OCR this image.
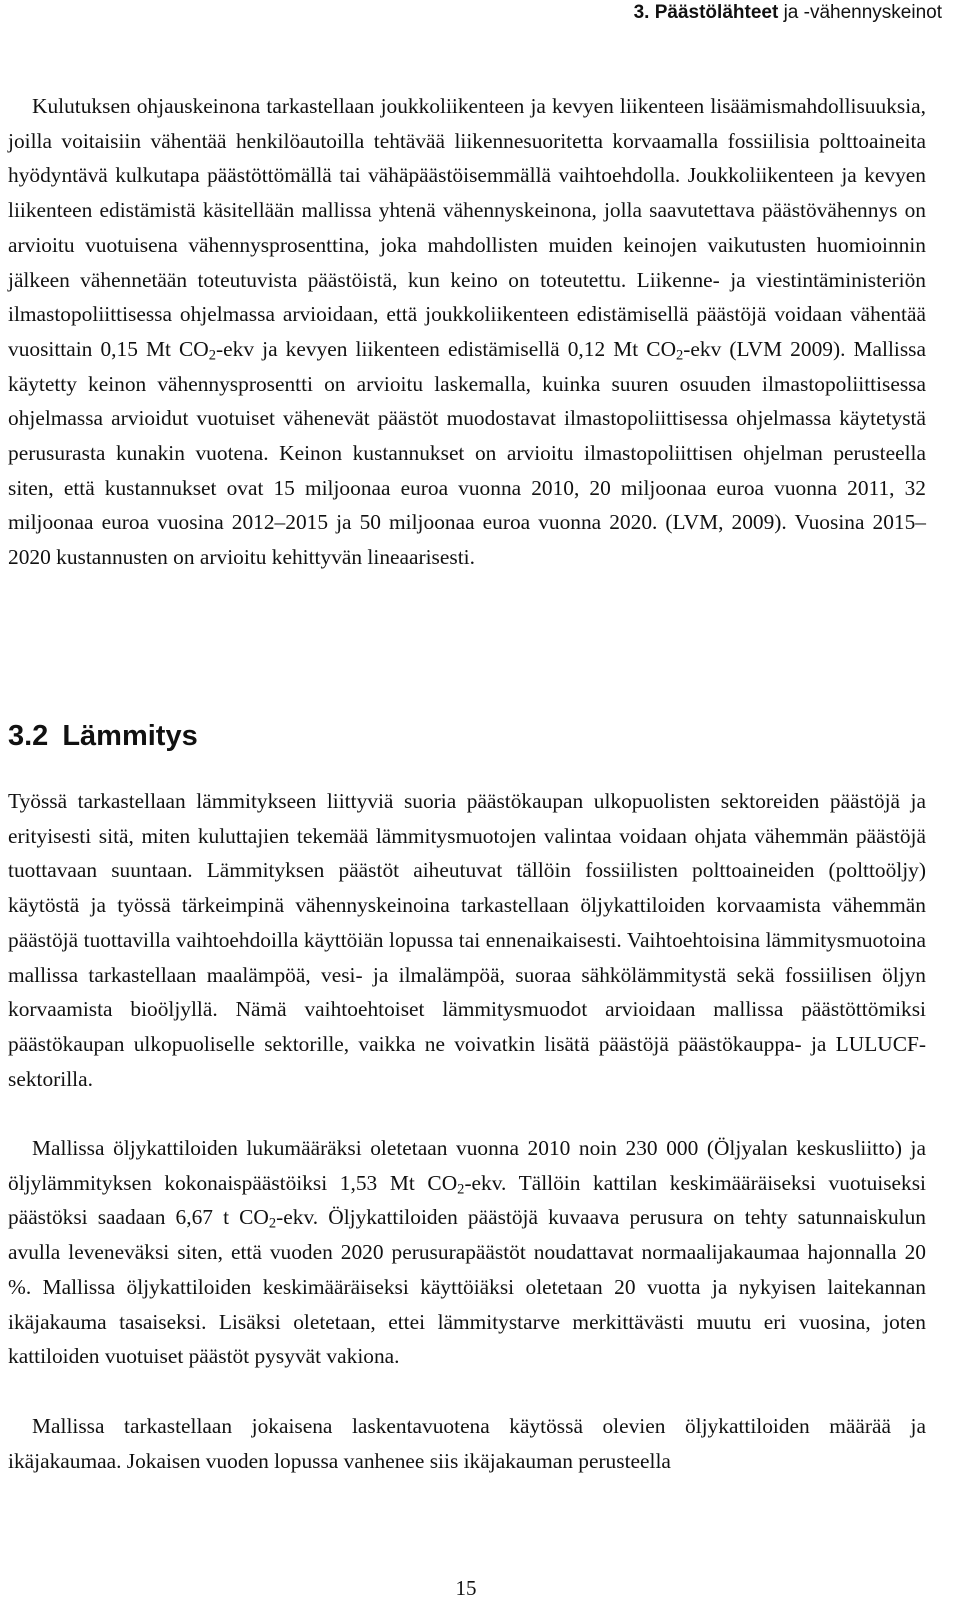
3. Päästölähteet ja -vähennyskeinot

Kulutuksen ohjauskeinona tarkastellaan joukkoliikenteen ja kevyen liikenteen lisäämismahdollisuuksia, joilla voitaisiin vähentää henkilöautoilla tehtävää liikennesuoritetta korvaamalla fossiilisia polttoaineita hyödyntävä kulkutapa päästöttömällä tai vähäpäästöisemmällä vaihtoehdolla. Joukkoliikenteen ja kevyen liikenteen edistämistä käsitellään mallissa yhtenä vähennyskeinona, jolla saavutettava päästövähennys on arvioitu vuotuisena vähennysprosenttina, joka mahdollisten muiden keinojen vaikutusten huomioinnin jälkeen vähennetään toteutuvista päästöistä, kun keino on toteutettu. Liikenne- ja viestintäministeriön ilmastopoliittisessa ohjelmassa arvioidaan, että joukkoliikenteen edistämisellä päästöjä voidaan vähentää vuosittain 0,15 Mt $CO_2$-ekv ja kevyen liikenteen edistämisellä 0,12 Mt $CO_2$-ekv (LVM 2009). Mallissa käytetty keinon vähennysprosentti on arvioitu laskemalla, kuinka suuren osuuden ilmastopoliittisessa ohjelmassa arvioidut vuotuiset vähenevät päästöt muodostavat ilmastopoliittisessa ohjelmassa käytetystä perusurasta kunakin vuotena. Keinon kustannukset on arvioitu ilmastopoliittisen ohjelman perusteella siten, että kustannukset ovat 15 miljoonaa euroa vuonna 2010, 20 miljoonaa euroa vuonna 2011, 32 miljoonaa euroa vuosina 2012–2015 ja 50 miljoonaa euroa vuonna 2020. (LVM, 2009). Vuosina 2015–2020 kustannusten on arvioitu kehittyvän lineaarisesti.

3.2 Lämmitys

Työssä tarkastellaan lämmitykseen liittyviä suoria päästökaupan ulkopuolisten sektoreiden päästöjä ja erityisesti sitä, miten kuluttajien tekemää lämmitysmuotojen valintaa voidaan ohjata vähemmän päästöjä tuottavaan suuntaan. Lämmityksen päästöt aiheutuvat tällöin fossiilisten polttoaineiden (polttoöljy) käytöstä ja työssä tärkeimpinä vähennyskeinoina tarkastellaan öljykattiloiden korvaamista vähemmän päästöjä tuottavilla vaihtoehdoilla käyttöiän lopussa tai ennenaikaisesti. Vaihtoehtoisina lämmitysmuotoina mallissa tarkastellaan maalämpöä, vesi- ja ilmalämpöä, suoraa sähkölämmitystä sekä fossiilisen öljyn korvaamista bioöljyllä. Nämä vaihtoehtoiset lämmitysmuodot arvioidaan mallissa päästöttömiksi päästökaupan ulkopuoliselle sektorille, vaikka ne voivatkin lisätä päästöjä päästökauppa- ja LULUCF-sektorilla.

Mallissa öljykattiloiden lukumääräksi oletetaan vuonna 2010 noin 230 000 (Öljyalan keskusliitto) ja öljylämmityksen kokonaispäästöiksi 1,53 Mt $CO_2$-ekv. Tällöin kattilan keskimääräiseksi vuotuiseksi päästöksi saadaan 6,67 t $CO_2$-ekv. Öljykattiloiden päästöjä kuvaava perusura on tehty satunnaiskulun avulla leveneväksi siten, että vuoden 2020 perusurapäästöt noudattavat normaalijakaumaa hajonnalla 20 %. Mallissa öljykattiloiden keskimääräiseksi käyttöiäksi oletetaan 20 vuotta ja nykyisen laitekannan ikäjakauma tasaiseksi. Lisäksi oletetaan, ettei lämmitystarve merkittävästi muutu eri vuosina, joten kattiloiden vuotuiset päästöt pysyvät vakiona.

Mallissa tarkastellaan jokaisena laskentavuotena käytössä olevien öljykattiloiden määrää ja ikäjakaumaa. Jokaisen vuoden lopussa vanhenee siis ikäjakauman perusteella

15
